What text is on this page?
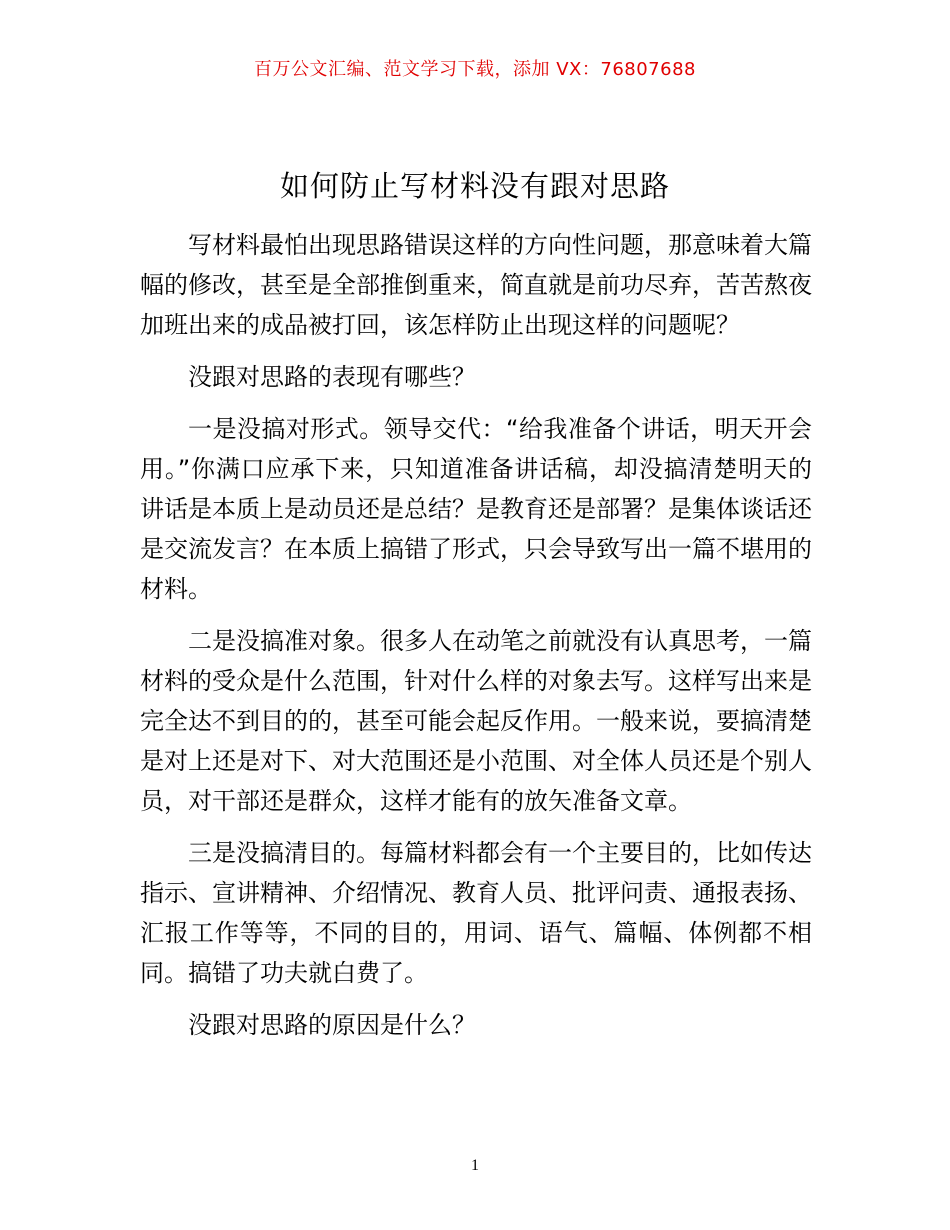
百万公文汇编、范文学习下载，添加 VX：76807688
如何防止写材料没有跟对思路

写材料最怕出现思路错误这样的方向性问题，那意味着大篇幅的修改，甚至是全部推倒重来，简直就是前功尽弃，苦苦熬夜加班出来的成品被打回，该怎样防止出现这样的问题呢？

没跟对思路的表现有哪些？

一是没搞对形式。领导交代：“给我准备个讲话，明天开会用。”你满口应承下来，只知道准备讲话稿，却没搞清楚明天的讲话是本质上是动员还是总结？是教育还是部署？是集体谈话还是交流发言？在本质上搞错了形式，只会导致写出一篇不堪用的材料。

二是没搞准对象。很多人在动笔之前就没有认真思考，一篇材料的受众是什么范围，针对什么样的对象去写。这样写出来是完全达不到目的的，甚至可能会起反作用。一般来说，要搞清楚是对上还是对下、对大范围还是小范围、对全体人员还是个别人员，对干部还是群众，这样才能有的放矢准备文章。

三是没搞清目的。每篇材料都会有一个主要目的，比如传达指示、宣讲精神、介绍情况、教育人员、批评问责、通报表扬、汇报工作等等，不同的目的，用词、语气、篇幅、体例都不相同。搞错了功夫就白费了。

没跟对思路的原因是什么？

1
